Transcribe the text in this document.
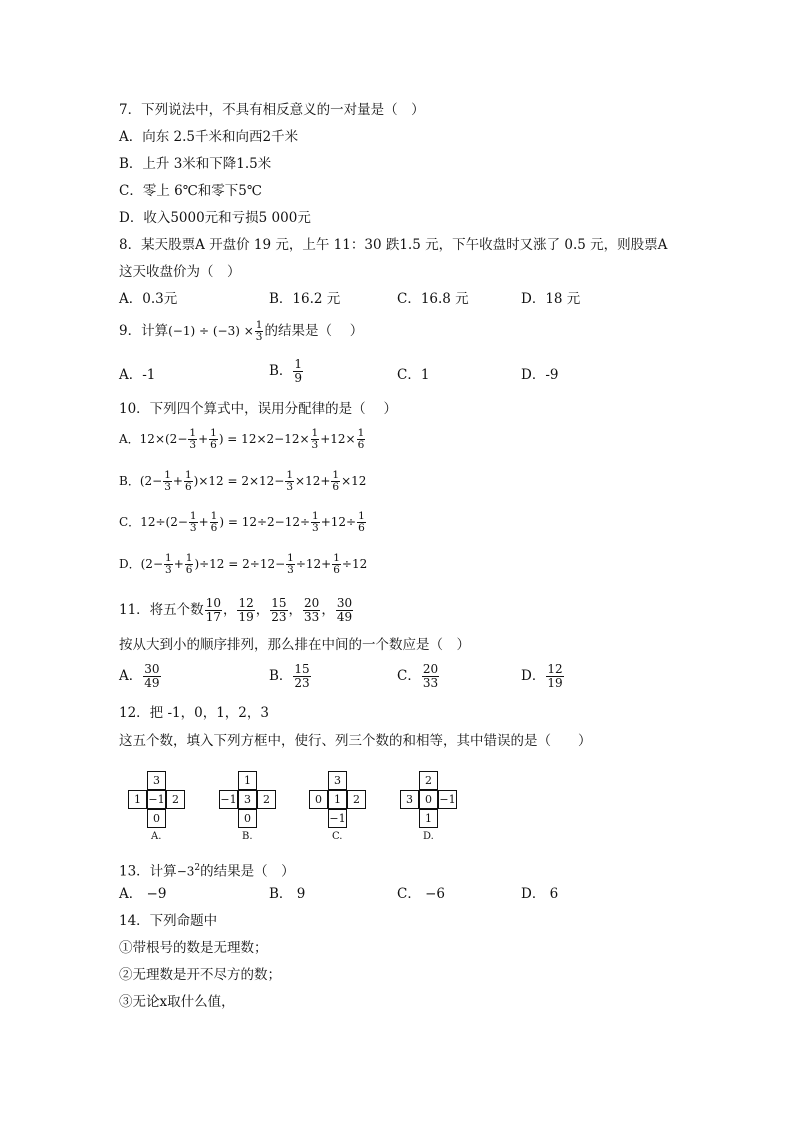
7．下列说法中，不具有相反意义的一对量是（　）
A．向东 2.5千米和向西2千米
B．上升 3米和下降1.5米
C．零上 6℃和零下5℃
D．收入5000元和亏损5 000元
8．某天股票A 开盘价 19 元，上午 11：30 跌1.5 元，下午收盘时又涨了 0.5 元，则股票A
这天收盘价为（　）
A．0.3元	B．16.2 元	C．16.8 元	D．18 元
9．计算$(-1) \div (-3) \times \frac{1}{3}$ 的结果是（　 ）
A．-1	B． $\frac{1}{9}$	C．1	D．-9
10．下列四个算式中，误用分配律的是（　 ）
A．$12\times(2- \frac{1}{3} + \frac{1}{6}$ ) = $12\times 2-12\times \frac{1}{3} +12\times \frac{1}{6}$
B．$(2- \frac{1}{3} + \frac{1}{6} )\times 12 = 2\times 12- \frac{1}{3} \times 12+ \frac{1}{6} \times 12$
C．$12\div(2- \frac{1}{3} + \frac{1}{6}$ ) = $12\div 2-12\div \frac{1}{3} +12\div \frac{1}{6}$
D．$(2- \frac{1}{3} + \frac{1}{6} )\div 12 = 2\div 12- \frac{1}{3} \div 12+ \frac{1}{6} \div 12$
11．将五个数 $\frac{10}{17}$ ， $\frac{12}{19}$ ， $\frac{15}{23}$ ， $\frac{20}{33}$ ， $\frac{30}{49}$
按从大到小的顺序排列，那么排在中间的一个数应是（　）
A． $\frac{30}{49}$	B． $\frac{15}{23}$	C． $\frac{20}{33}$	D． $\frac{12}{19}$
12．把 -1，0，1，2，3
这五个数，填入下列方框中，使行、列三个数的和相等，其中错误的是（　　）
3
1 −1 2
0
A.
1
−1 3	2
0
B.
3
0	1	2
−1
C.
2
3	0 −1
1
D.
13．计算$-3^2$的结果是（　）
A． −9	B． 9	C． −6	D． 6
14．下列命题中
①带根号的数是无理数；
②无理数是开不尽方的数；
③无论x取什么值，
